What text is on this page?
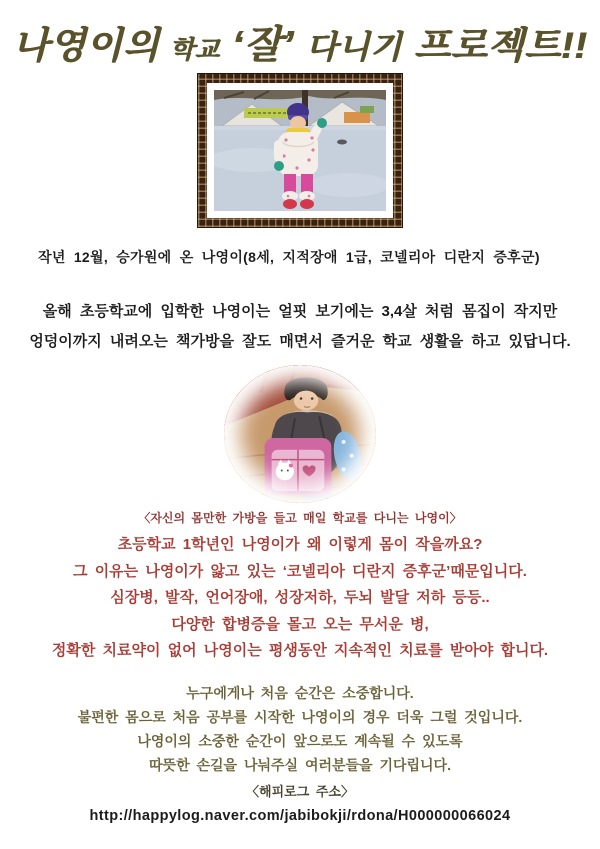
나영이의 학교 ‘잘’ 다니기 프로젝트!!
작년 12월, 승가원에 온 나영이(8세, 지적장애 1급, 코넬리아 디란지 증후군)
올해 초등학교에 입학한 나영이는 얼핏 보기에는 3,4살 처럼 몸집이 작지만
엉덩이까지 내려오는 책가방을 잘도 매면서 즐거운 학교 생활을 하고 있답니다.
〈자신의 몸만한 가방을 들고 매일 학교를 다니는 나영이〉
초등학교 1학년인 나영이가 왜 이렇게 몸이 작을까요?
그 이유는 나영이가 앓고 있는 ‘코넬리아 디란지 증후군’때문입니다.
심장병, 발작, 언어장애, 성장저하, 두뇌 발달 저하 등등..
다양한 합병증을 몰고 오는 무서운 병,
정확한 치료약이 없어 나영이는 평생동안 지속적인 치료를 받아야 합니다.
누구에게나 처음 순간은 소중합니다.
불편한 몸으로 처음 공부를 시작한 나영이의 경우 더욱 그럴 것입니다.
나영이의 소중한 순간이 앞으로도 계속될 수 있도록
따뜻한 손길을 나눠주실 여러분들을 기다립니다.
〈해피로그 주소〉
http://happylog.naver.com/jabibokji/rdona/H000000066024
